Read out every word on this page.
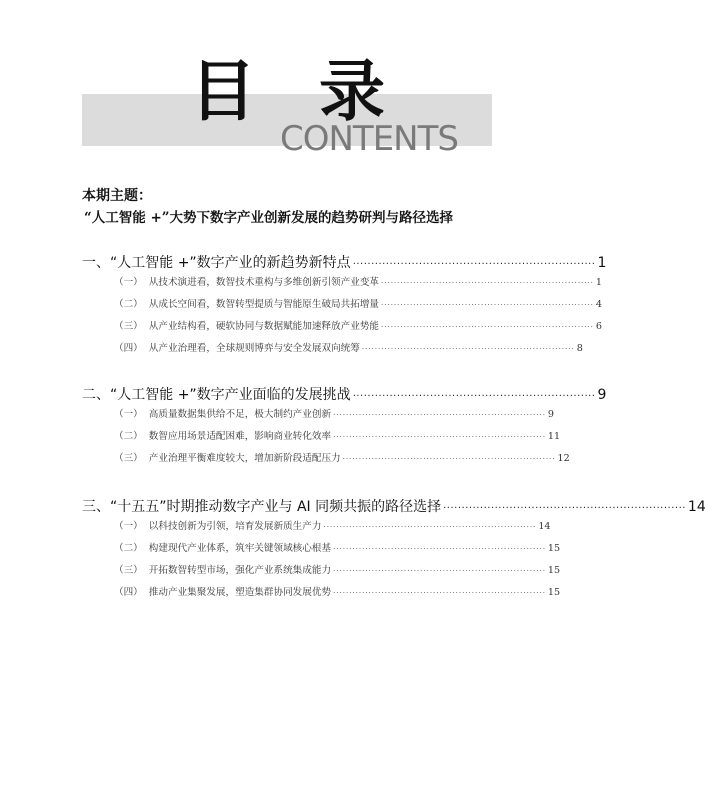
目 录
CONTENTS
本期主题：
“人工智能 +”大势下数字产业创新发展的趋势研判与路径选择
一、“人工智能 +”数字产业的新趋势新特点 ·································································· 1
（一） 从技术演进看，数智技术重构与多维创新引领产业变革 ·································································· 1
（二） 从成长空间看，数智转型提质与智能原生破局共拓增量 ·································································· 4
（三） 从产业结构看，硬软协同与数据赋能加速释放产业势能 ·································································· 6
（四） 从产业治理看，全球规则博弈与安全发展双向统筹 ·································································· 8
二、“人工智能 +”数字产业面临的发展挑战 ·································································· 9
（一） 高质量数据集供给不足，极大制约产业创新 ·································································· 9
（二） 数智应用场景适配困难，影响商业转化效率 ·································································· 11
（三） 产业治理平衡难度较大，增加新阶段适配压力 ·································································· 12
三、“十五五”时期推动数字产业与 AI 同频共振的路径选择 ·································································· 14
（一） 以科技创新为引领，培育发展新质生产力 ·································································· 14
（二） 构建现代产业体系，筑牢关键领域核心根基 ·································································· 15
（三） 开拓数智转型市场，强化产业系统集成能力 ·································································· 15
（四） 推动产业集聚发展，塑造集群协同发展优势 ·································································· 15
